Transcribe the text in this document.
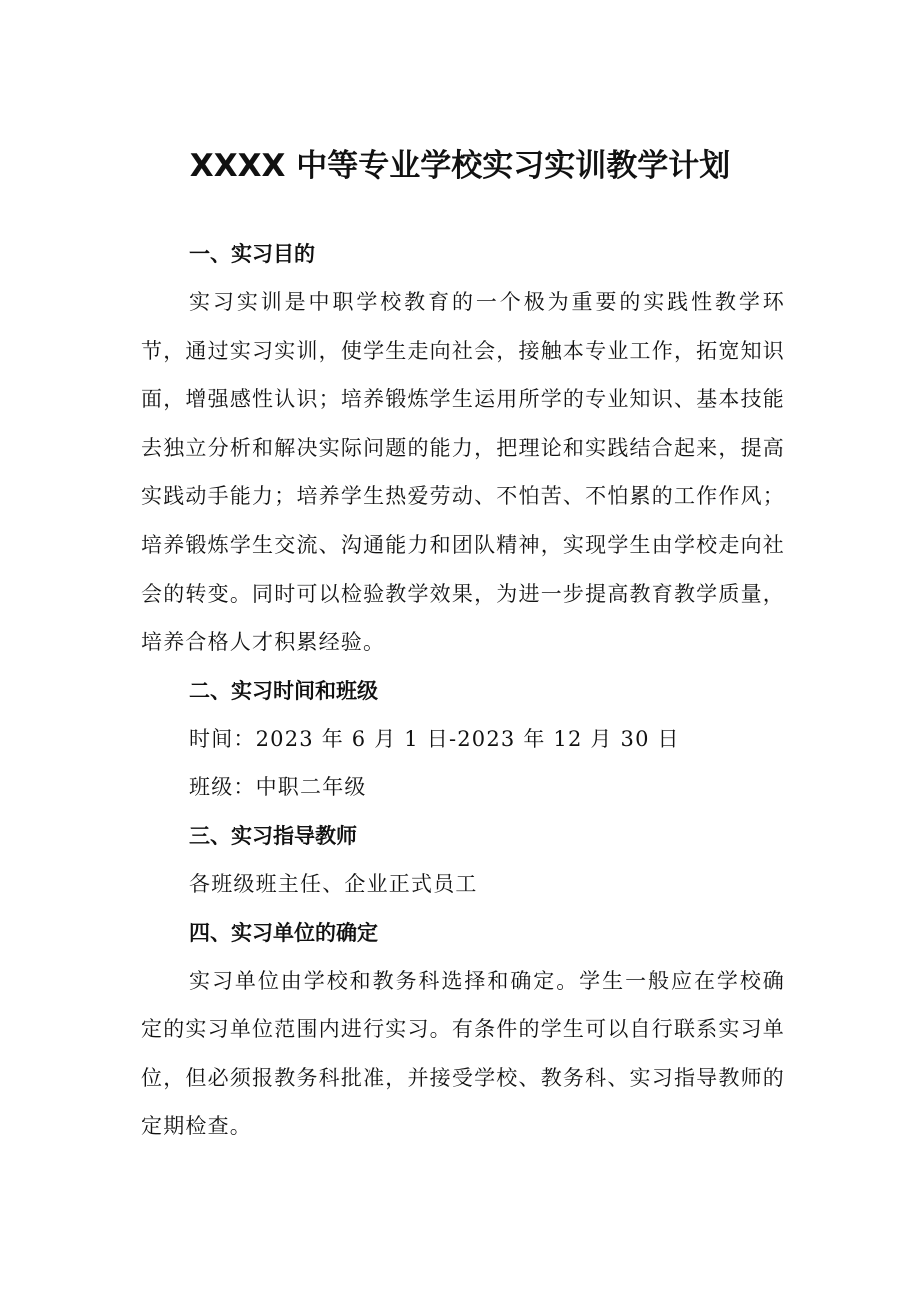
XXXX 中等专业学校实习实训教学计划
一、实习目的

实习实训是中职学校教育的一个极为重要的实践性教学环节，通过实习实训，使学生走向社会，接触本专业工作，拓宽知识面，增强感性认识；培养锻炼学生运用所学的专业知识、基本技能去独立分析和解决实际问题的能力，把理论和实践结合起来，提高实践动手能力；培养学生热爱劳动、不怕苦、不怕累的工作作风；培养锻炼学生交流、沟通能力和团队精神，实现学生由学校走向社会的转变。同时可以检验教学效果，为进一步提高教育教学质量，培养合格人才积累经验。

二、实习时间和班级

时间：2023 年 6 月 1 日-2023 年 12 月 30 日

班级：中职二年级

三、实习指导教师

各班级班主任、企业正式员工

四、实习单位的确定

实习单位由学校和教务科选择和确定。学生一般应在学校确定的实习单位范围内进行实习。有条件的学生可以自行联系实习单位，但必须报教务科批准，并接受学校、教务科、实习指导教师的定期检查。
